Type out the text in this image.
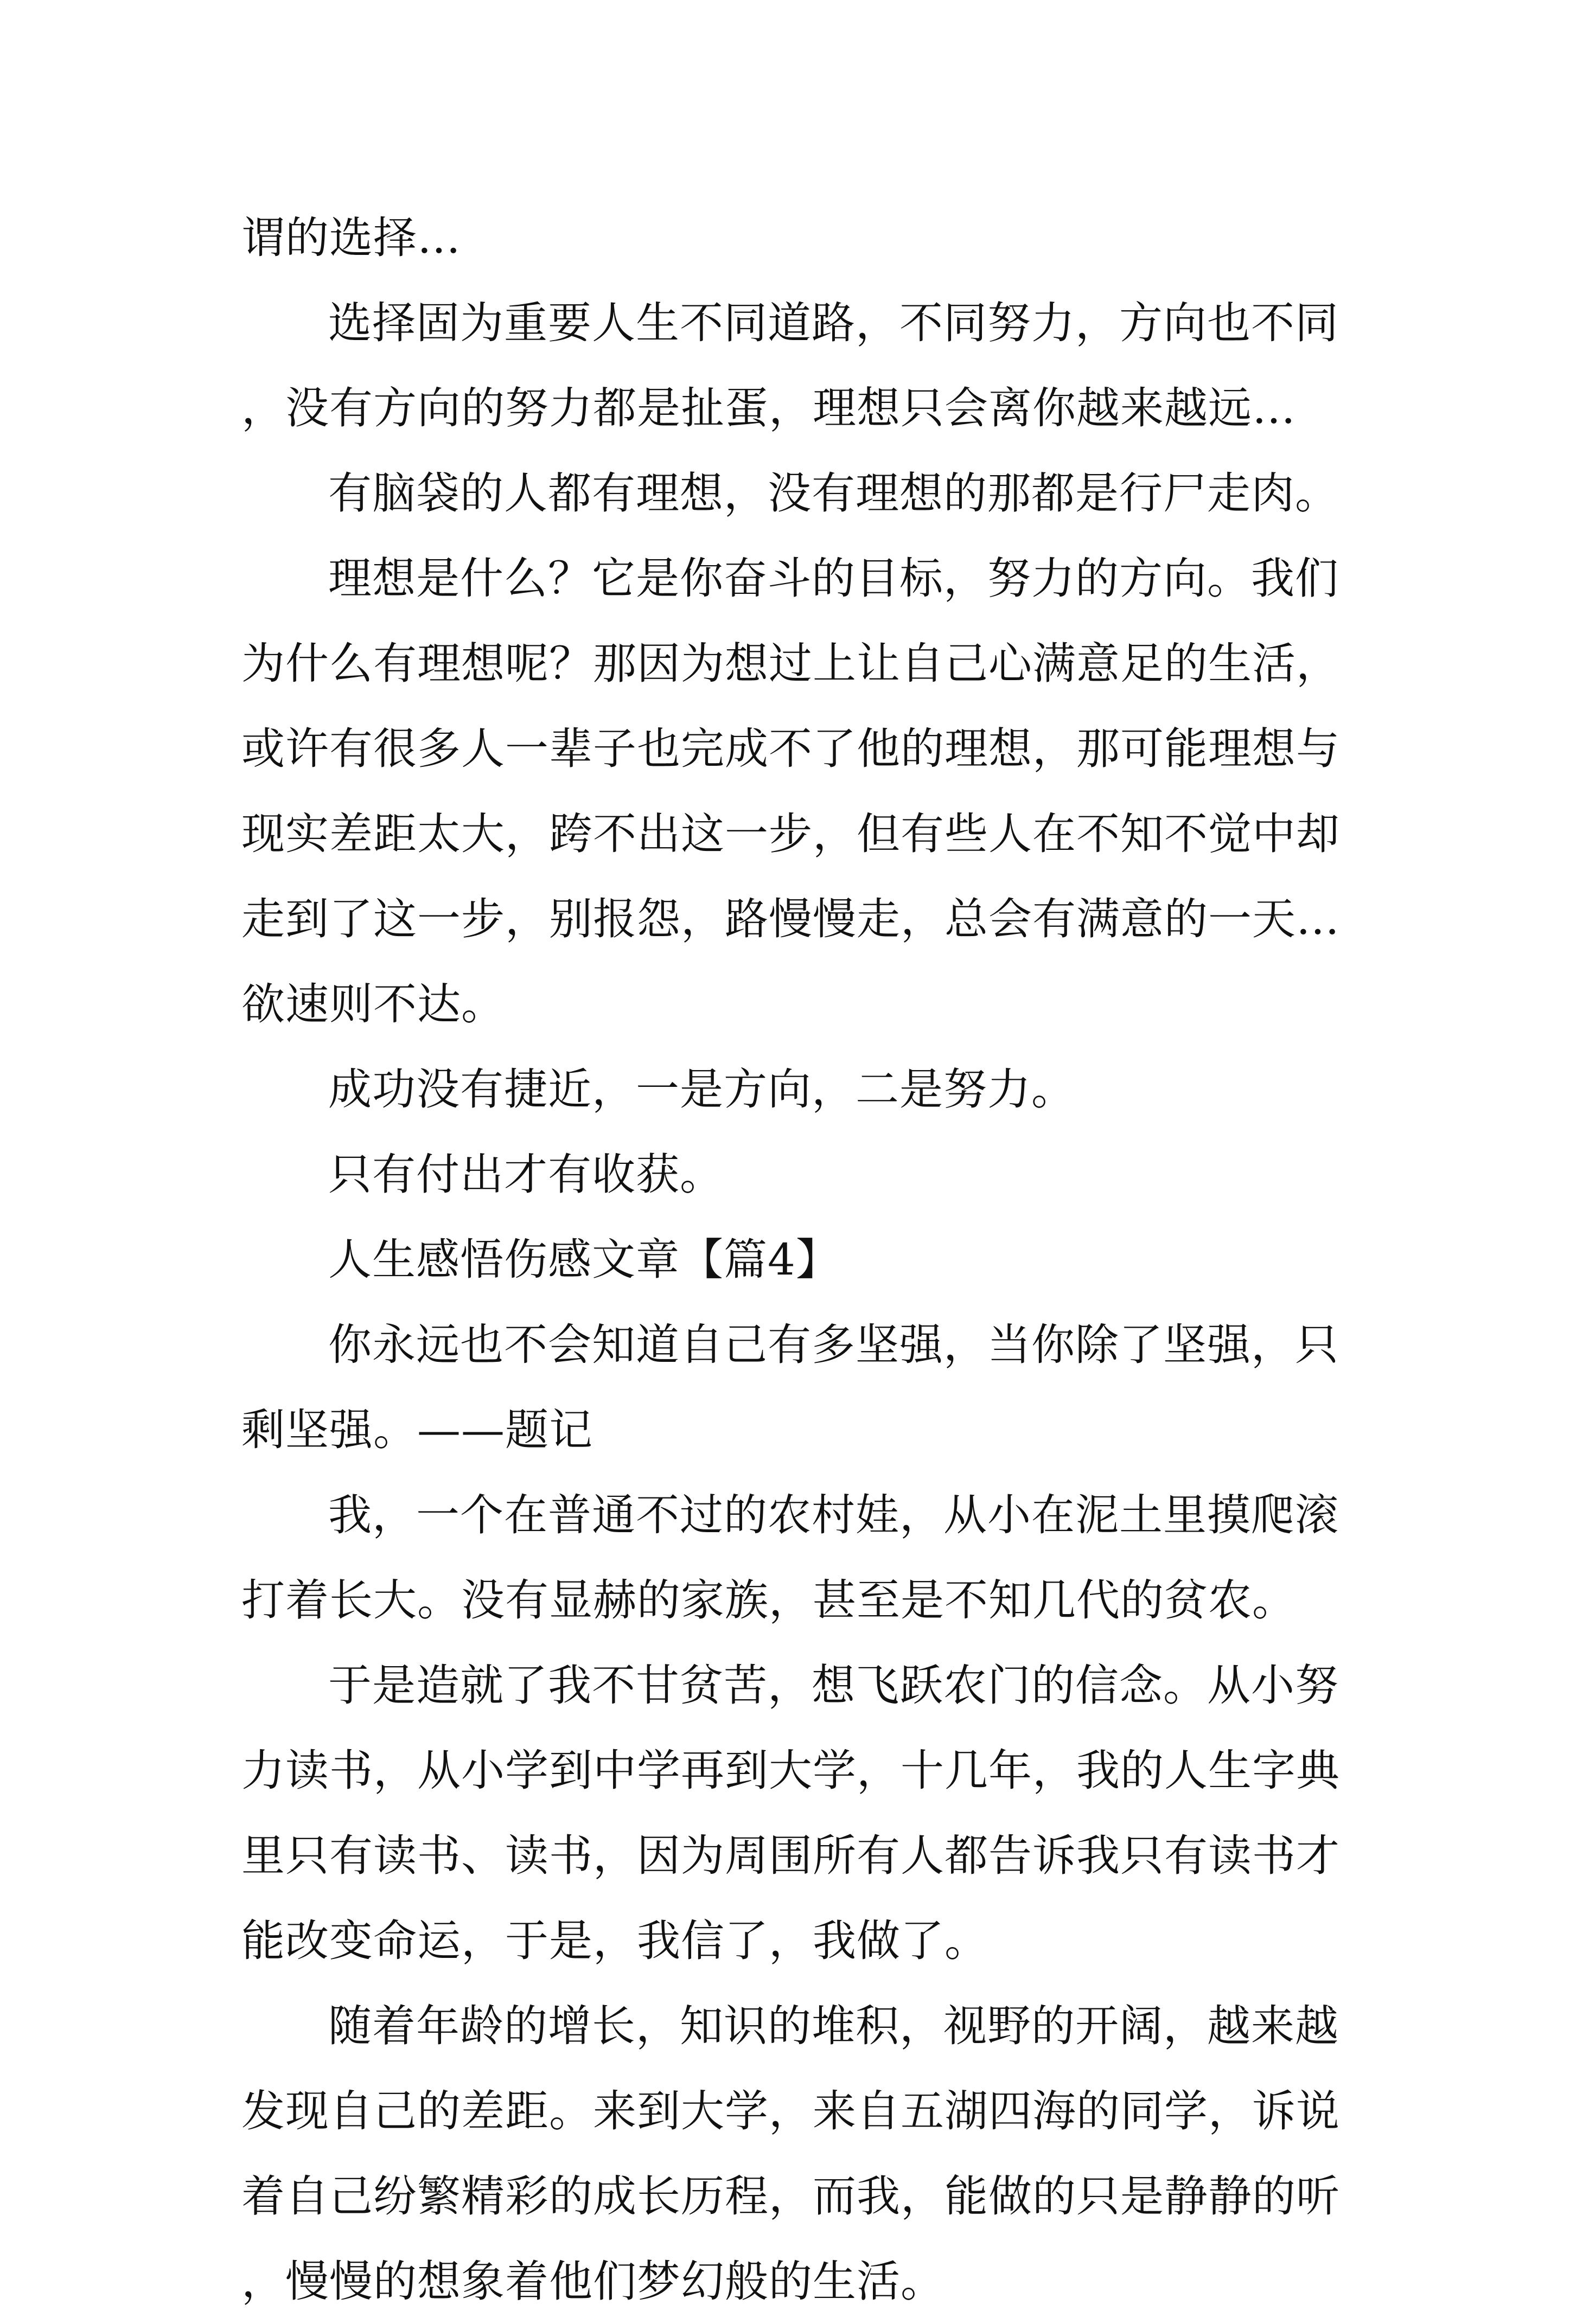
谓的选择…

选择固为重要人生不同道路，不同努力，方向也不同，没有方向的努力都是扯蛋，理想只会离你越来越远…

有脑袋的人都有理想，没有理想的那都是行尸走肉。

理想是什么？它是你奋斗的目标，努力的方向。我们为什么有理想呢？那因为想过上让自己心满意足的生活，或许有很多人一辈子也完成不了他的理想，那可能理想与现实差距太大，跨不出这一步，但有些人在不知不觉中却走到了这一步，别报怨，路慢慢走，总会有满意的一天…欲速则不达。

成功没有捷近，一是方向，二是努力。

只有付出才有收获。

人生感悟伤感文章【篇4】

你永远也不会知道自己有多坚强，当你除了坚强，只剩坚强。——题记

我，一个在普通不过的农村娃，从小在泥土里摸爬滚打着长大。没有显赫的家族，甚至是不知几代的贫农。

于是造就了我不甘贫苦，想飞跃农门的信念。从小努力读书，从小学到中学再到大学，十几年，我的人生字典里只有读书、读书，因为周围所有人都告诉我只有读书才能改变命运，于是，我信了，我做了。

随着年龄的增长，知识的堆积，视野的开阔，越来越发现自己的差距。来到大学，来自五湖四海的同学，诉说着自己纷繁精彩的成长历程，而我，能做的只是静静的听，慢慢的想象着他们梦幻般的生活。
